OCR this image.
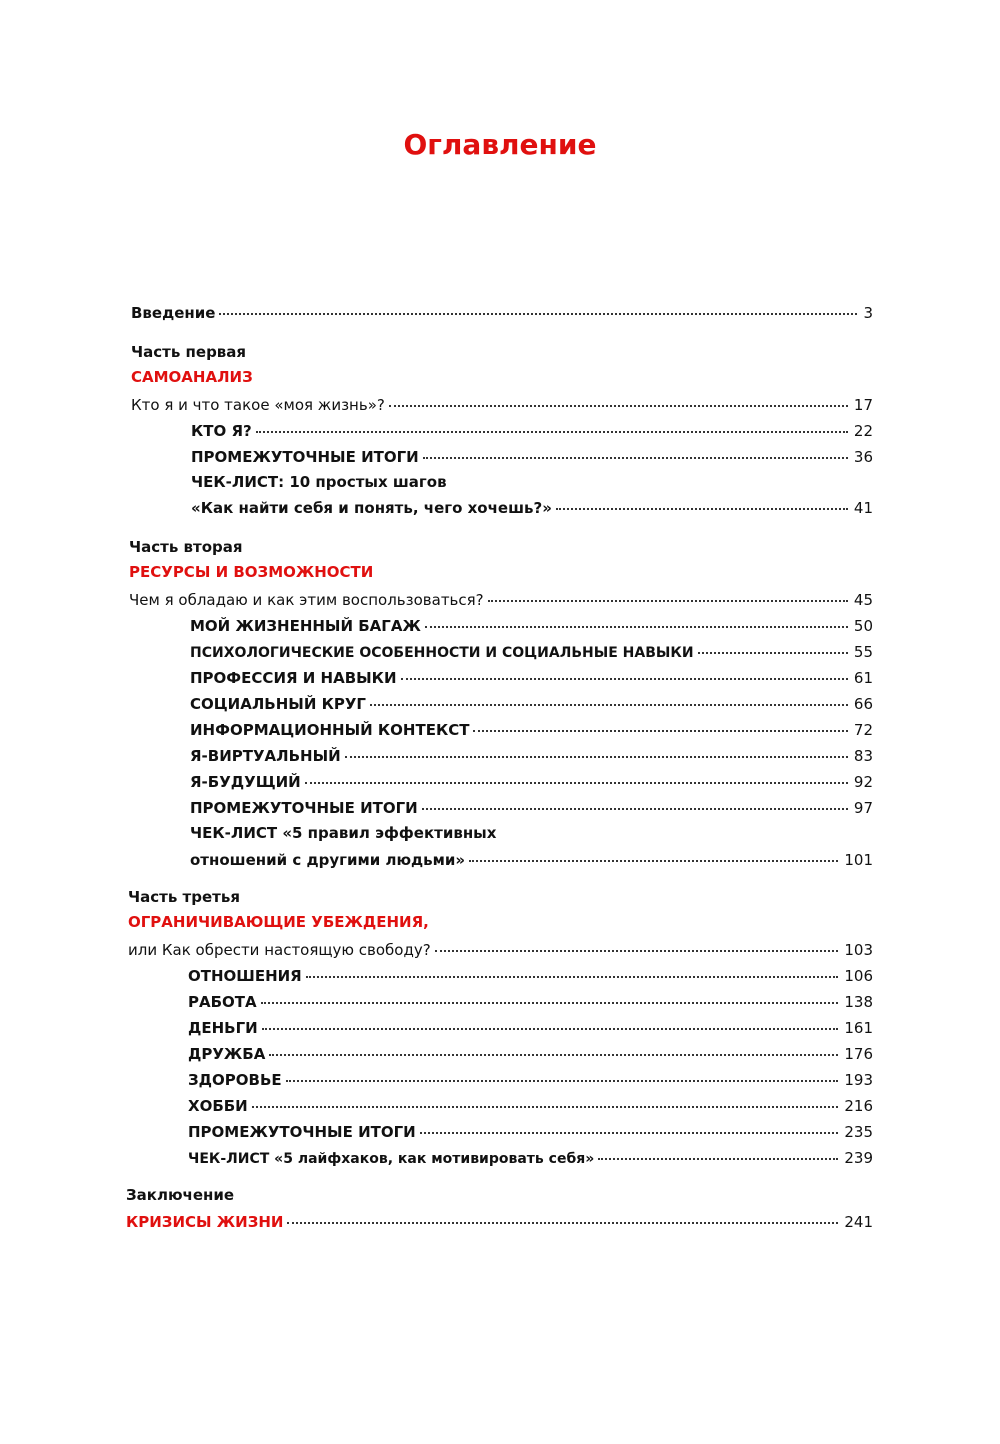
Оглавление
Введение	3
Часть первая
САМОАНАЛИЗ
Кто я и что такое «моя жизнь»?	17
КТО Я?	22
ПРОМЕЖУТОЧНЫЕ ИТОГИ	36
ЧЕК-ЛИСТ: 10 простых шагов
«Как найти себя и понять, чего хочешь?»	41
Часть вторая
РЕСУРСЫ И ВОЗМОЖНОСТИ
Чем я обладаю и как этим воспользоваться?	45
МОЙ ЖИЗНЕННЫЙ БАГАЖ	50
ПСИХОЛОГИЧЕСКИЕ ОСОБЕННОСТИ И СОЦИАЛЬНЫЕ НАВЫКИ	55
ПРОФЕССИЯ И НАВЫКИ	61
СОЦИАЛЬНЫЙ КРУГ	66
ИНФОРМАЦИОННЫЙ КОНТЕКСТ	72
Я-ВИРТУАЛЬНЫЙ	83
Я-БУДУЩИЙ	92
ПРОМЕЖУТОЧНЫЕ ИТОГИ	97
ЧЕК-ЛИСТ «5 правил эффективных
отношений с другими людьми»	101
Часть третья
ОГРАНИЧИВАЮЩИЕ УБЕЖДЕНИЯ,
или Как обрести настоящую свободу?	103
ОТНОШЕНИЯ	106
РАБОТА	138
ДЕНЬГИ	161
ДРУЖБА	176
ЗДОРОВЬЕ	193
ХОББИ	216
ПРОМЕЖУТОЧНЫЕ ИТОГИ	235
ЧЕК-ЛИСТ «5 лайфхаков, как мотивировать себя»	239
Заключение
КРИЗИСЫ ЖИЗНИ	241
